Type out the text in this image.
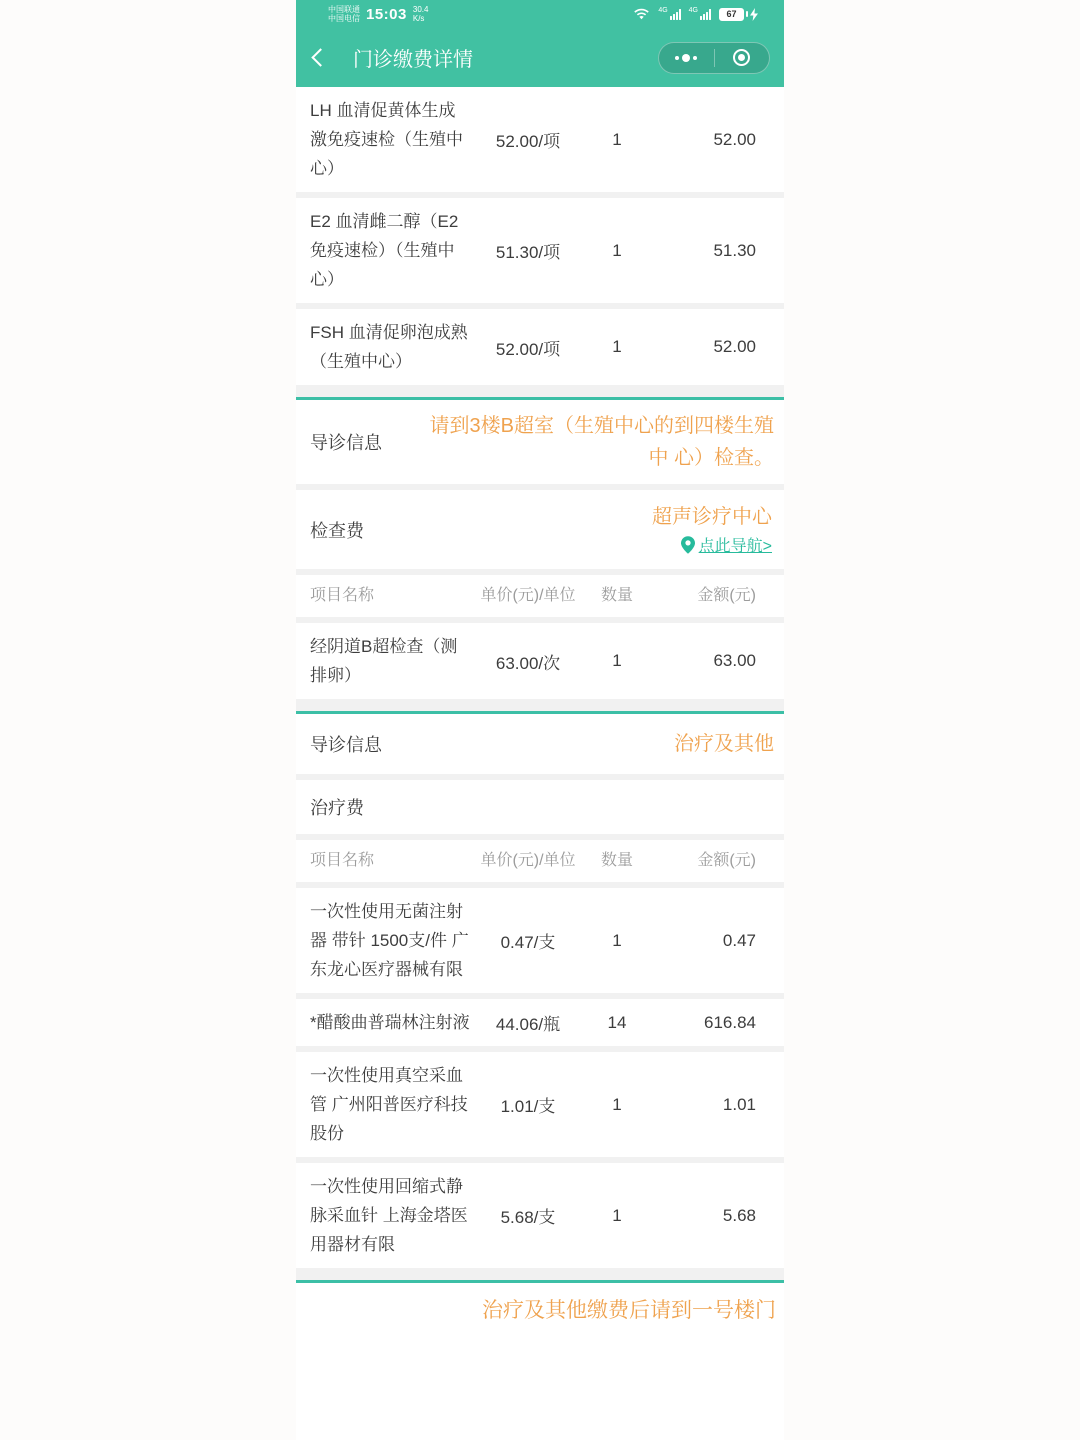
中国联通
中国电信 15:03 30.4
K/s
4G	4G	67
门诊缴费详情
LH 血清促黄体生成激免疫速检（生殖中心）
52.00/项	1	52.00
E2 血清雌二醇（E2免疫速检）（生殖中心）
51.30/项	1	51.30
FSH 血清促卵泡成熟（生殖中心）
52.00/项	1	52.00
导诊信息
请到3楼B超室（生殖中心的到四楼生殖中 心）检查。
检查费
超声诊疗中心
点此导航>
项目名称	单价(元)/单位	数量	金额(元)
经阴道B超检查（测排卵）
63.00/次	1	63.00
导诊信息	治疗及其他
治疗费
项目名称	单价(元)/单位	数量	金额(元)
一次性使用无菌注射器 带针 1500支/件 广东龙心医疗器械有限
0.47/支	1	0.47
*醋酸曲普瑞林注射液	44.06/瓶	14	616.84
一次性使用真空采血管 广州阳普医疗科技股份
1.01/支	1	1.01
一次性使用回缩式静脉采血针 上海金塔医用器材有限
5.68/支	1	5.68
治疗及其他缴费后请到一号楼门
